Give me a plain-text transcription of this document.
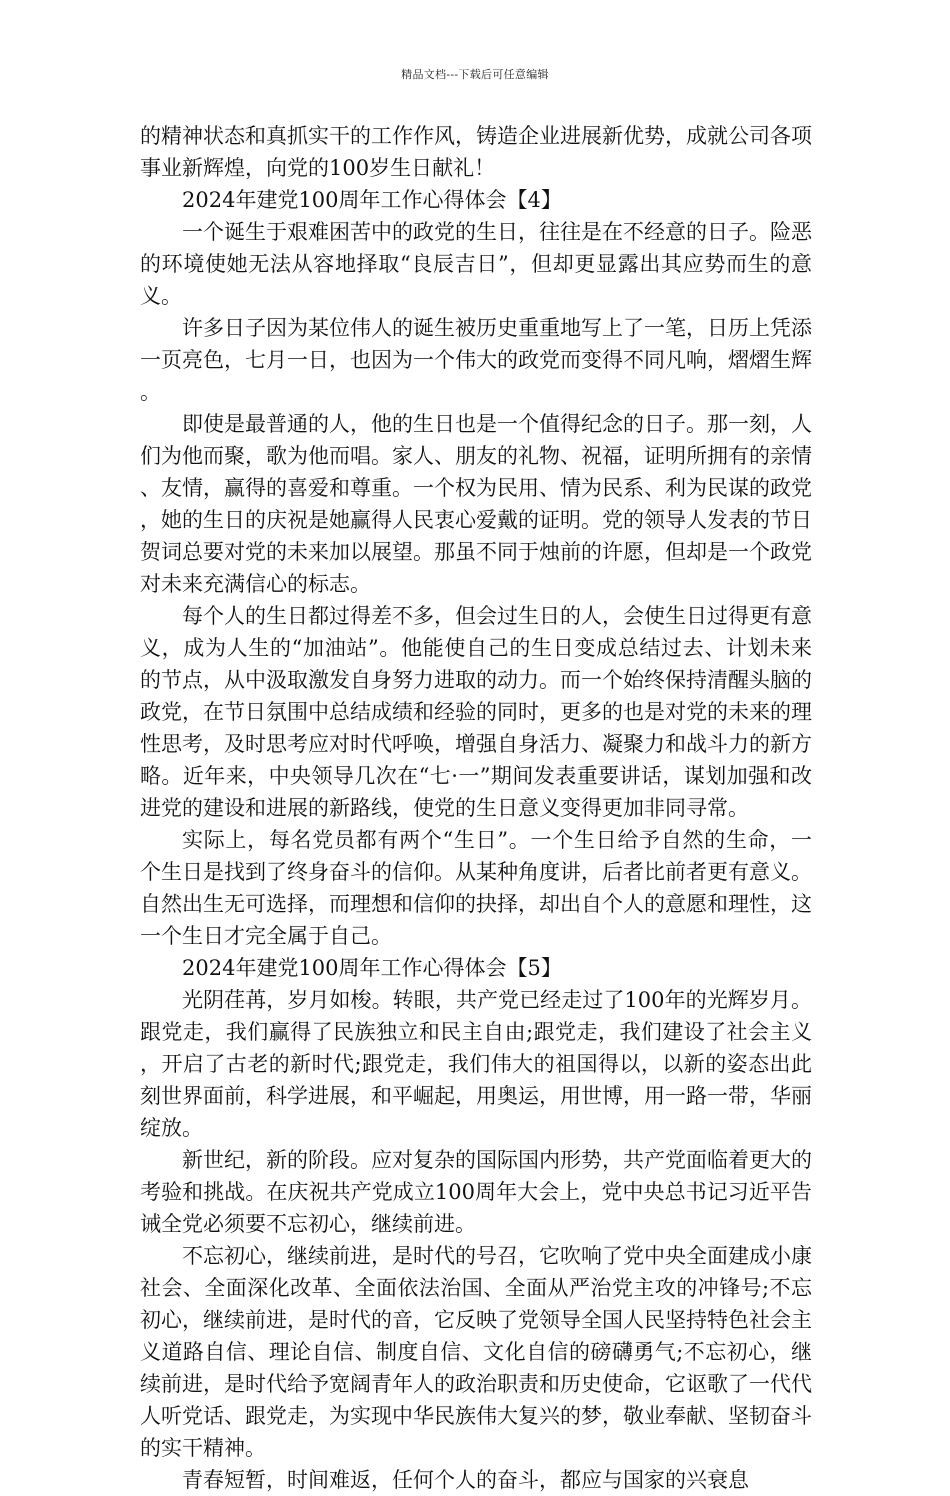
精品文档---下载后可任意编辑

的精神状态和真抓实干的工作作风，铸造企业进展新优势，成就公司各项事业新辉煌，向党的100岁生日献礼！

2024年建党100周年工作心得体会【4】

一个诞生于艰难困苦中的政党的生日，往往是在不经意的日子。险恶的环境使她无法从容地择取“良辰吉日”，但却更显露出其应势而生的意义。

许多日子因为某位伟人的诞生被历史重重地写上了一笔，日历上凭添一页亮色，七月一日，也因为一个伟大的政党而变得不同凡响，熠熠生辉。

即使是最普通的人，他的生日也是一个值得纪念的日子。那一刻，人们为他而聚，歌为他而唱。家人、朋友的礼物、祝福，证明所拥有的亲情、友情，赢得的喜爱和尊重。一个权为民用、情为民系、利为民谋的政党，她的生日的庆祝是她赢得人民衷心爱戴的证明。党的领导人发表的节日贺词总要对党的未来加以展望。那虽不同于烛前的许愿，但却是一个政党对未来充满信心的标志。

每个人的生日都过得差不多，但会过生日的人，会使生日过得更有意义，成为人生的“加油站”。他能使自己的生日变成总结过去、计划未来的节点，从中汲取激发自身努力进取的动力。而一个始终保持清醒头脑的政党，在节日氛围中总结成绩和经验的同时，更多的也是对党的未来的理性思考，及时思考应对时代呼唤，增强自身活力、凝聚力和战斗力的新方略。近年来，中央领导几次在“七·一”期间发表重要讲话，谋划加强和改进党的建设和进展的新路线，使党的生日意义变得更加非同寻常。

实际上，每名党员都有两个“生日”。一个生日给予自然的生命，一个生日是找到了终身奋斗的信仰。从某种角度讲，后者比前者更有意义。自然出生无可选择，而理想和信仰的抉择，却出自个人的意愿和理性，这一个生日才完全属于自己。

2024年建党100周年工作心得体会【5】

光阴荏苒，岁月如梭。转眼，共产党已经走过了100年的光辉岁月。跟党走，我们赢得了民族独立和民主自由;跟党走，我们建设了社会主义，开启了古老的新时代;跟党走，我们伟大的祖国得以，以新的姿态出此刻世界面前，科学进展，和平崛起，用奥运，用世博，用一路一带，华丽绽放。

新世纪，新的阶段。应对复杂的国际国内形势，共产党面临着更大的考验和挑战。在庆祝共产党成立100周年大会上，党中央总书记习近平告诫全党必须要不忘初心，继续前进。

不忘初心，继续前进，是时代的号召，它吹响了党中央全面建成小康社会、全面深化改革、全面依法治国、全面从严治党主攻的冲锋号;不忘初心，继续前进，是时代的音，它反映了党领导全国人民坚持特色社会主义道路自信、理论自信、制度自信、文化自信的磅礴勇气;不忘初心，继续前进，是时代给予宽阔青年人的政治职责和历史使命，它讴歌了一代代人听党话、跟党走，为实现中华民族伟大复兴的梦，敬业奉献、坚韧奋斗的实干精神。

青春短暂，时间难返，任何个人的奋斗，都应与国家的兴衰息
